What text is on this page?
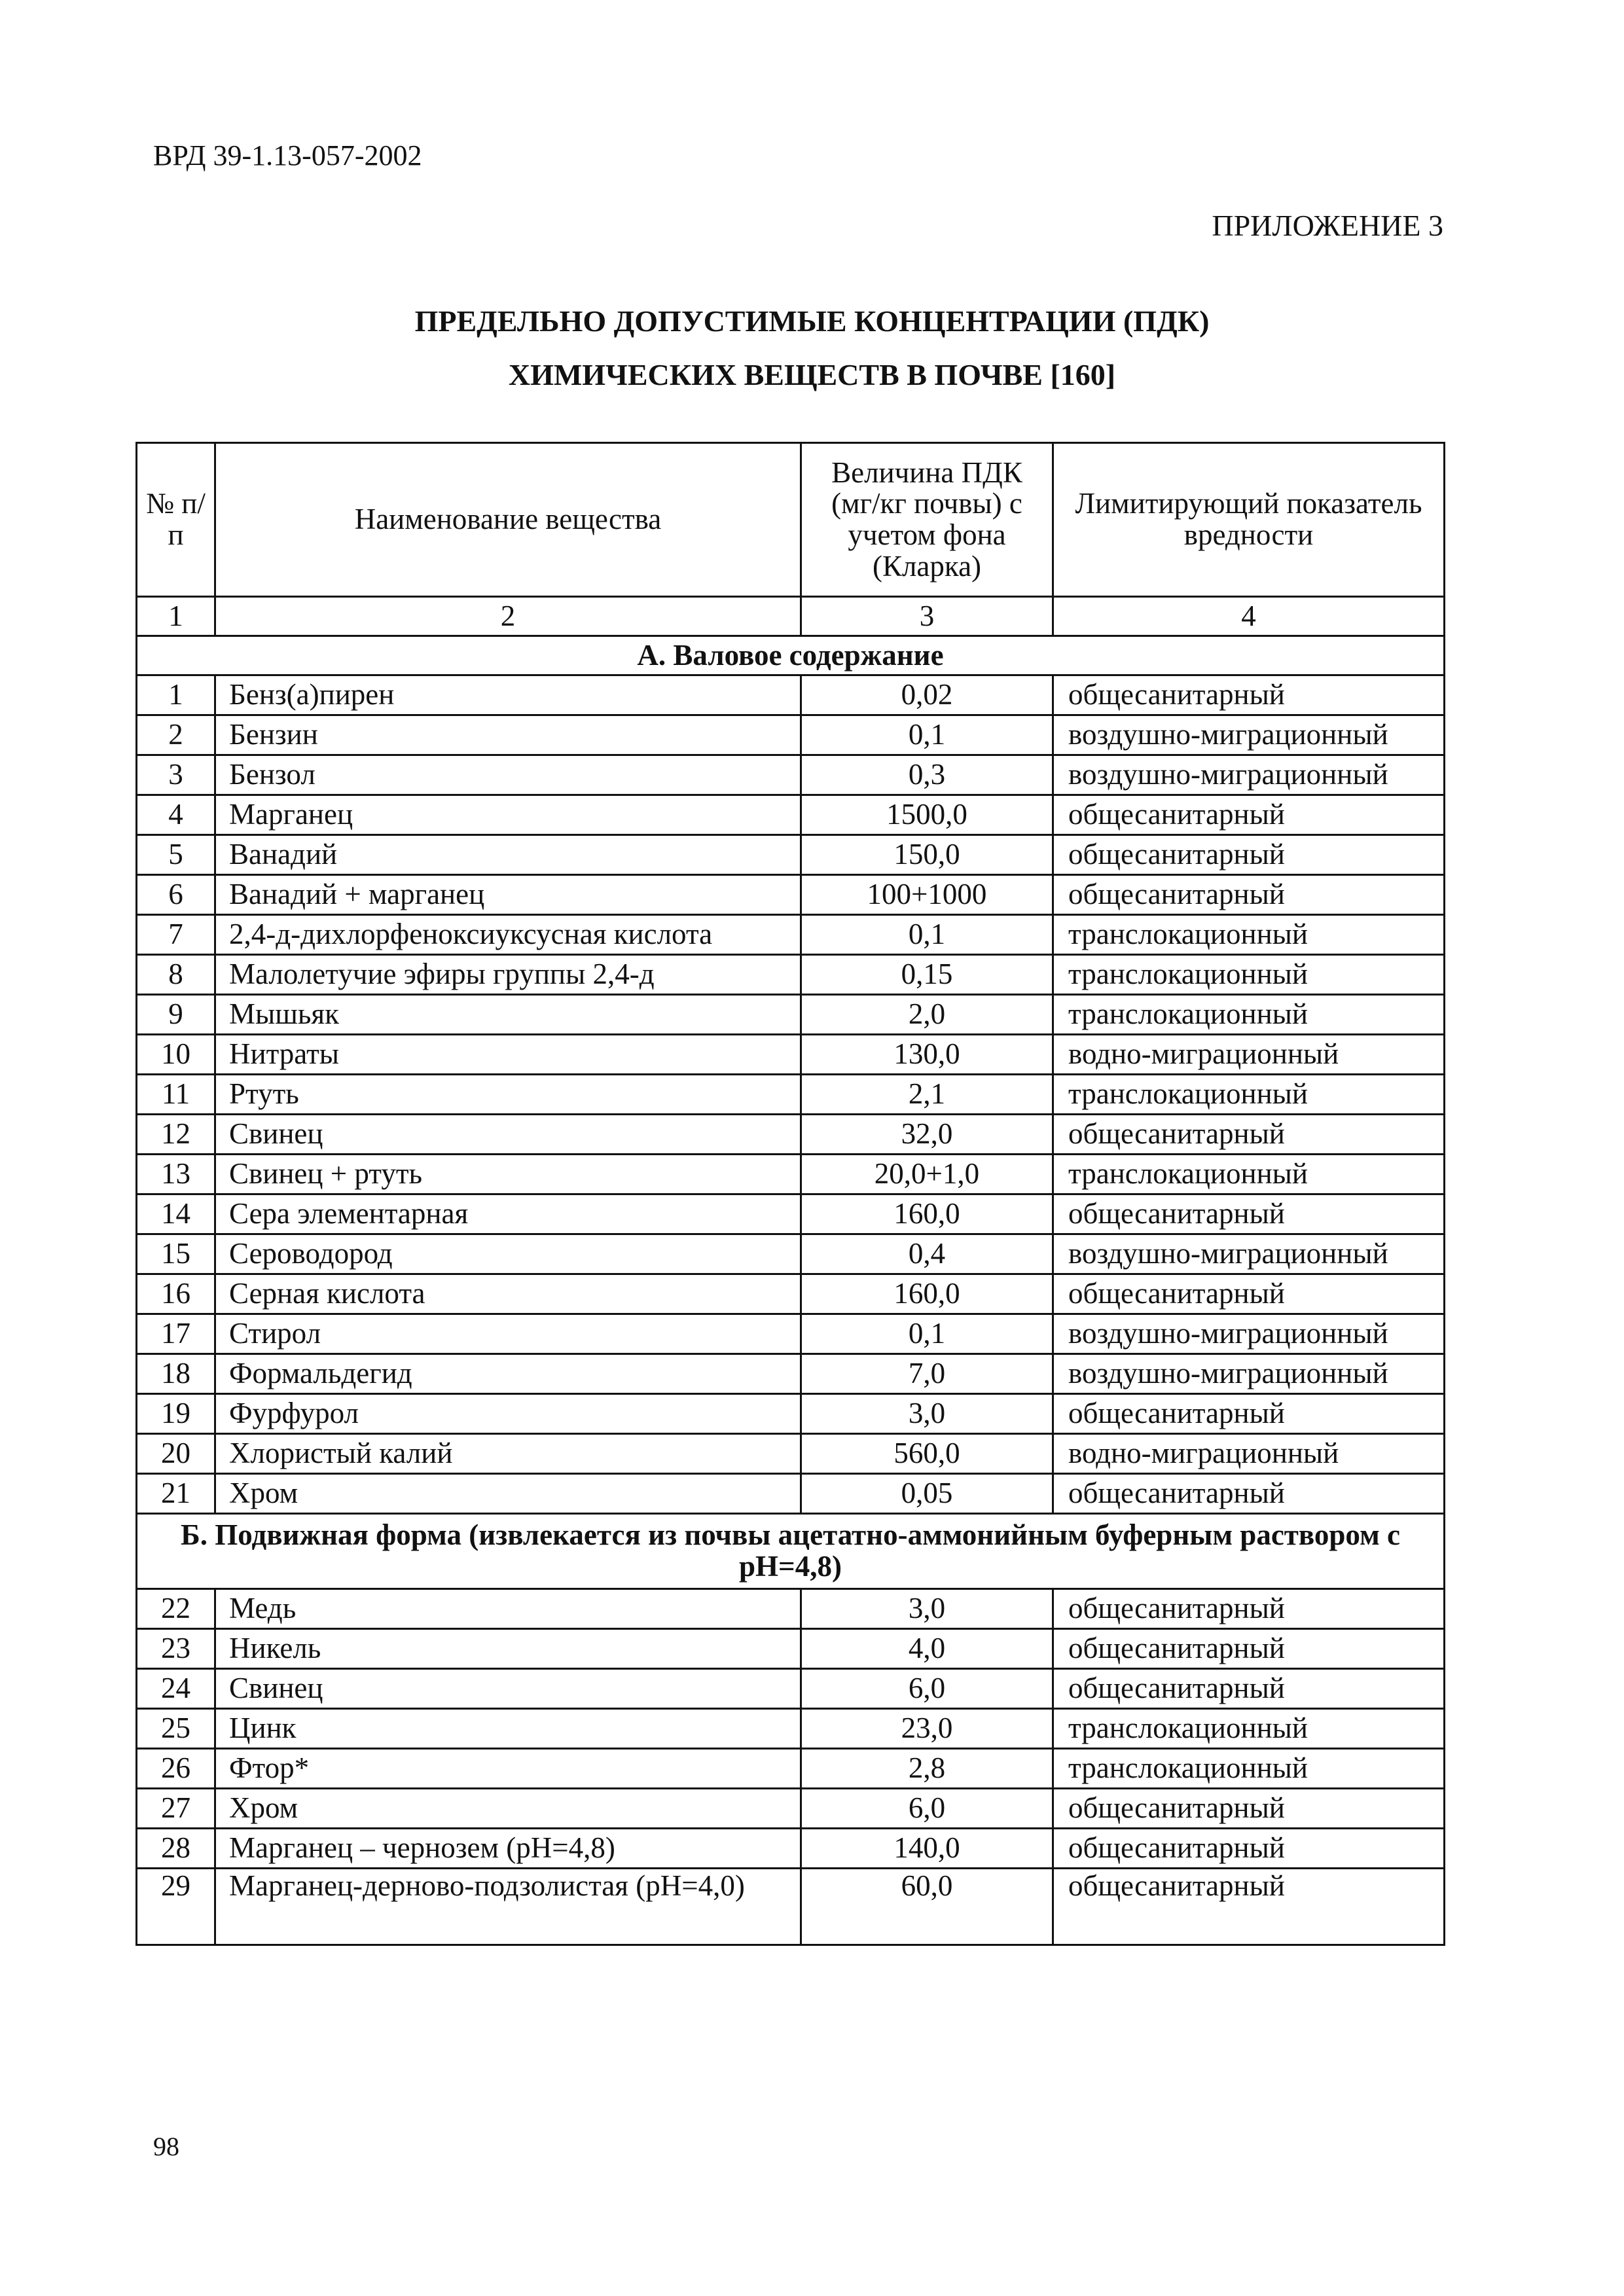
ВРД 39-1.13-057-2002
ПРИЛОЖЕНИЕ 3
ПРЕДЕЛЬНО ДОПУСТИМЫЕ КОНЦЕНТРАЦИИ (ПДК)
ХИМИЧЕСКИХ ВЕЩЕСТВ В ПОЧВЕ [160]
№ п/п	Наименование вещества	Величина ПДК (мг/кг почвы) с учетом фона (Кларка)	Лимитирующий показатель вредности
1	2	3	4
А. Валовое содержание			
1	Бенз(а)пирен	0,02	общесанитарный
2	Бензин	0,1	воздушно-миграционный
3	Бензол	0,3	воздушно-миграционный
4	Марганец	1500,0	общесанитарный
5	Ванадий	150,0	общесанитарный
6	Ванадий + марганец	100+1000	общесанитарный
7	2,4-д-дихлорфеноксиуксусная кислота	0,1	транслокационный
8	Малолетучие эфиры группы 2,4-д	0,15	транслокационный
9	Мышьяк	2,0	транслокационный
10	Нитраты	130,0	водно-миграционный
11	Ртуть	2,1	транслокационный
12	Свинец	32,0	общесанитарный
13	Свинец + ртуть	20,0+1,0	транслокационный
14	Сера элементарная	160,0	общесанитарный
15	Сероводород	0,4	воздушно-миграционный
16	Серная кислота	160,0	общесанитарный
17	Стирол	0,1	воздушно-миграционный
18	Формальдегид	7,0	воздушно-миграционный
19	Фурфурол	3,0	общесанитарный
20	Хлористый калий	560,0	водно-миграционный
21	Хром	0,05	общесанитарный
Б. Подвижная форма (извлекается из почвы ацетатно-аммонийным буферным раствором с pH=4,8)			
22	Медь	3,0	общесанитарный
23	Никель	4,0	общесанитарный
24	Свинец	6,0	общесанитарный
25	Цинк	23,0	транслокационный
26	Фтор*	2,8	транслокационный
27	Хром	6,0	общесанитарный
28	Марганец – чернозем (pH=4,8)	140,0	общесанитарный
29	Марганец-дерново-подзолистая (pH=4,0)	60,0	общесанитарный
98
